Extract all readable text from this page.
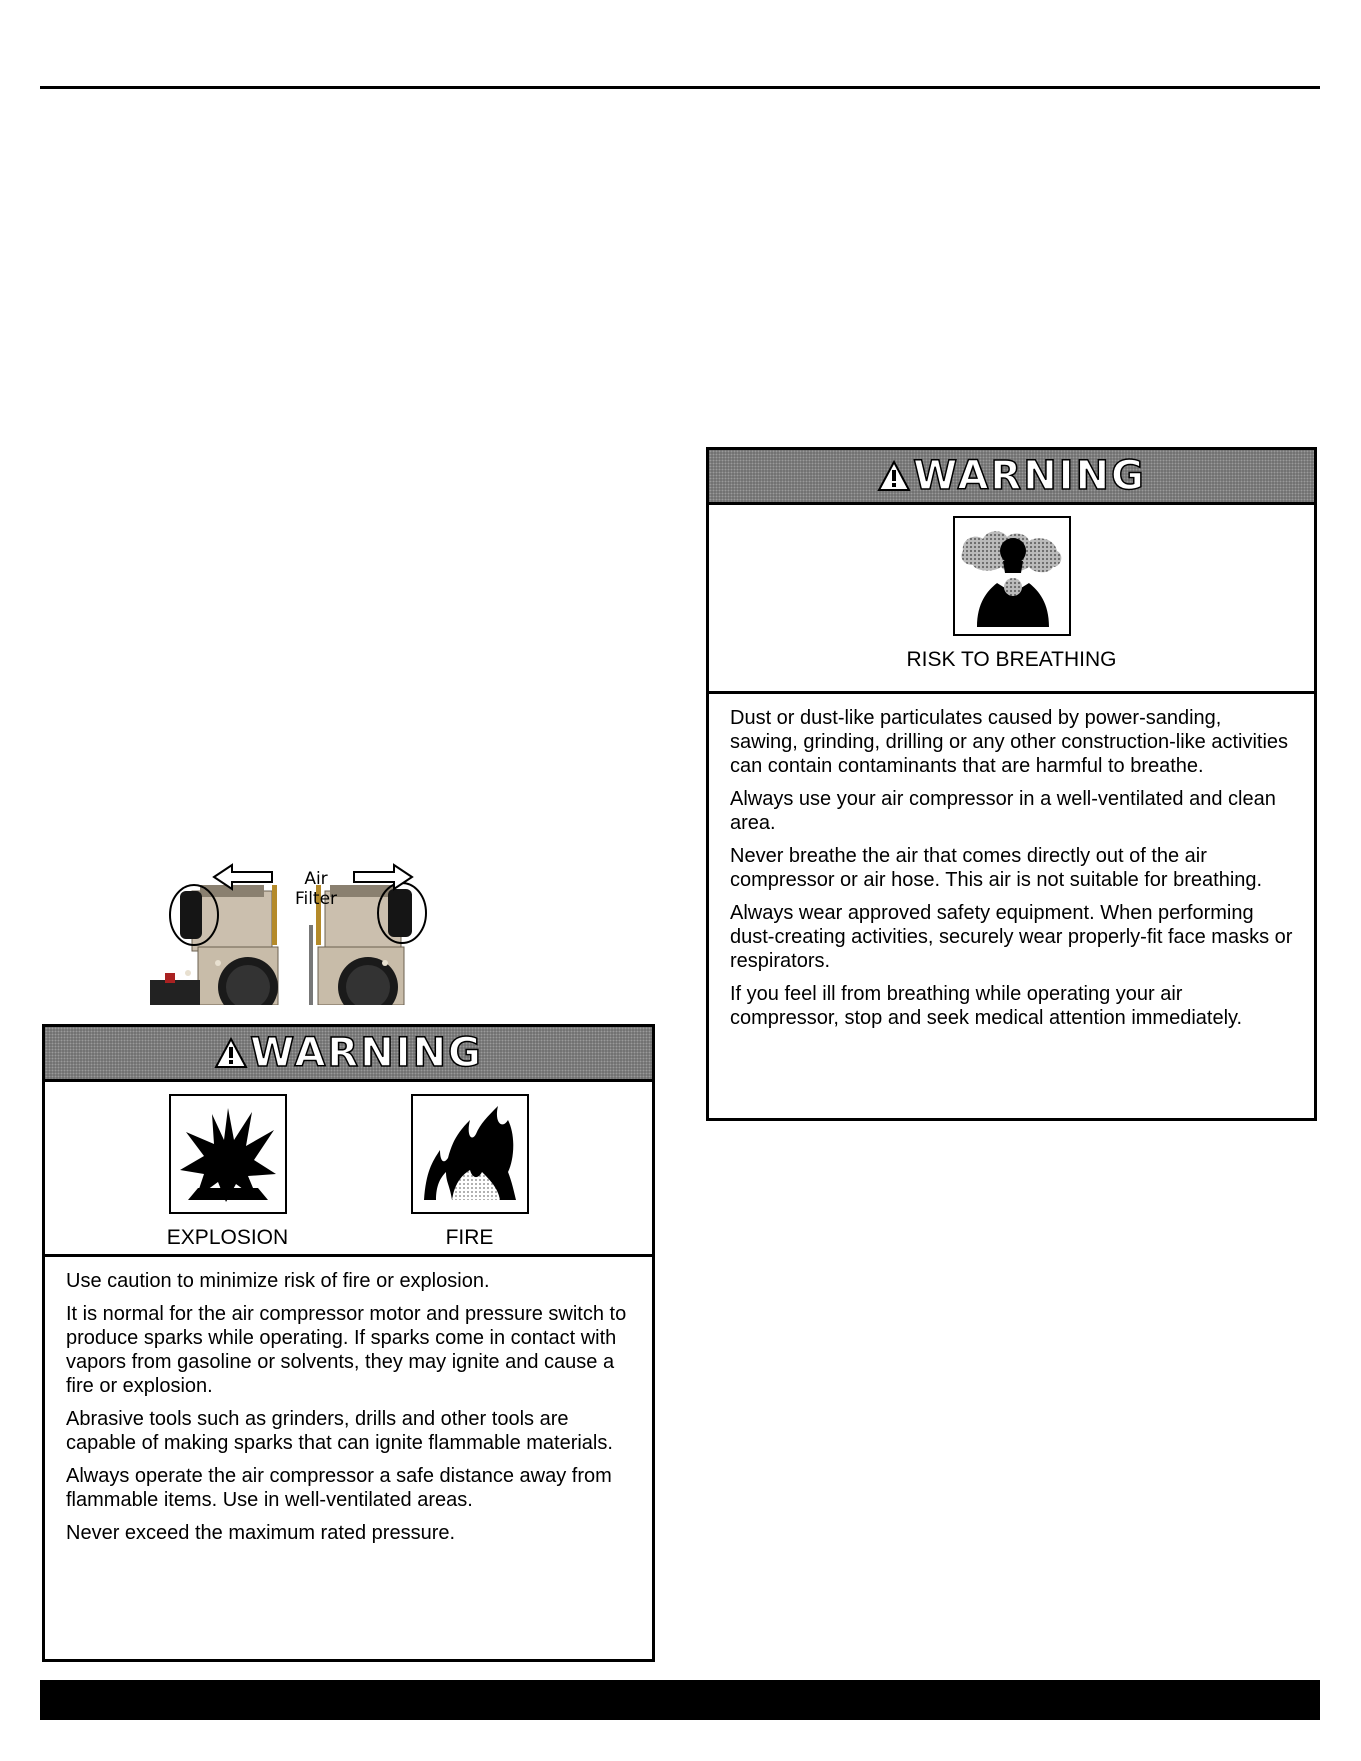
Air Filter
WARNING
EXPLOSION	FIRE

Use caution to minimize risk of fire or explosion.

It is normal for the air compressor motor and pressure switch to produce sparks while operating. If sparks come in contact with vapors from gasoline or solvents, they may ignite and cause a fire or explosion.

Abrasive tools such as grinders, drills and other tools are capable of making sparks that can ignite flammable materials.

Always operate the air compressor a safe distance away from flammable items. Use in well-ventilated areas.

Never exceed the maximum rated pressure.

WARNING
RISK TO BREATHING

Dust or dust-like particulates caused by power-sanding, sawing, grinding, drilling or any other construction-like activities can contain contaminants that are harmful to breathe.

Always use your air compressor in a well-ventilated and clean area.

Never breathe the air that comes directly out of the air compressor or air hose. This air is not suitable for breathing.

Always wear approved safety equipment. When performing dust-creating activities, securely wear properly-fit face masks or respirators.

If you feel ill from breathing while operating your air compressor, stop and seek medical attention immediately.
